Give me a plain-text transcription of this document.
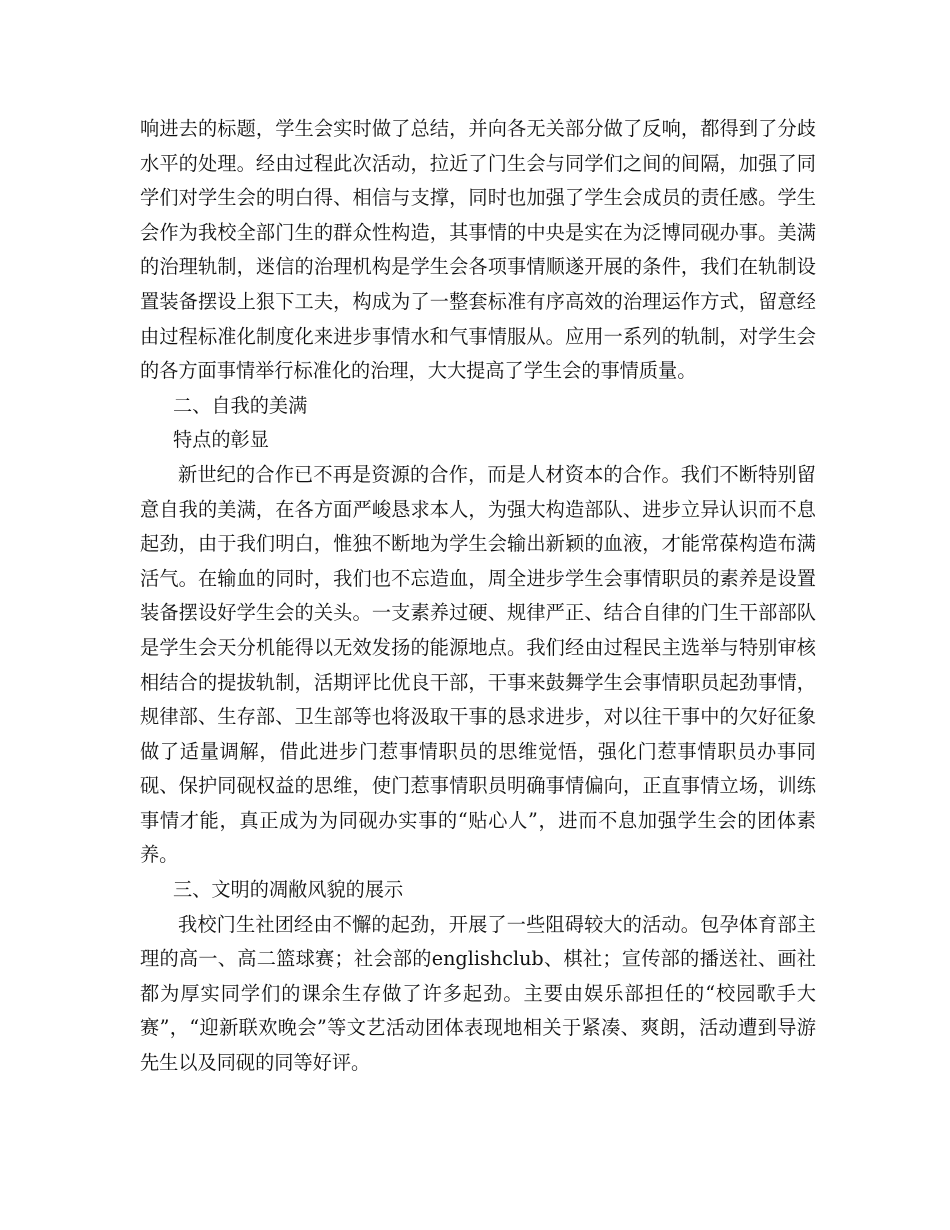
响进去的标题，学生会实时做了总结，并向各无关部分做了反响，都得到了分歧水平的处理。经由过程此次活动，拉近了门生会与同学们之间的间隔，加强了同学们对学生会的明白得、相信与支撑，同时也加强了学生会成员的责任感。学生会作为我校全部门生的群众性构造，其事情的中央是实在为泛博同砚办事。美满的治理轨制，迷信的治理机构是学生会各项事情顺遂开展的条件，我们在轨制设置装备摆设上狠下工夫，构成为了一整套标准有序高效的治理运作方式，留意经由过程标准化制度化来进步事情水和气事情服从。应用一系列的轨制，对学生会的各方面事情举行标准化的治理，大大提高了学生会的事情质量。

二、自我的美满

特点的彰显

新世纪的合作已不再是资源的合作，而是人材资本的合作。我们不断特别留意自我的美满，在各方面严峻恳求本人，为强大构造部队、进步立异认识而不息起劲，由于我们明白，惟独不断地为学生会输出新颖的血液，才能常葆构造布满活气。在输血的同时，我们也不忘造血，周全进步学生会事情职员的素养是设置装备摆设好学生会的关头。一支素养过硬、规律严正、结合自律的门生干部部队是学生会天分机能得以无效发扬的能源地点。我们经由过程民主选举与特别审核相结合的提拔轨制，活期评比优良干部，干事来鼓舞学生会事情职员起劲事情，规律部、生存部、卫生部等也将汲取干事的恳求进步，对以往干事中的欠好征象做了适量调解，借此进步门惹事情职员的思维觉悟，强化门惹事情职员办事同砚、保护同砚权益的思维，使门惹事情职员明确事情偏向，正直事情立场，训练事情才能，真正成为为同砚办实事的“贴心人”，进而不息加强学生会的团体素养。

三、文明的凋敝风貌的展示

我校门生社团经由不懈的起劲，开展了一些阻碍较大的活动。包孕体育部主理的高一、高二篮球赛；社会部的englishclub、棋社；宣传部的播送社、画社都为厚实同学们的课余生存做了许多起劲。主要由娱乐部担任的“校园歌手大赛”，“迎新联欢晚会”等文艺活动团体表现地相关于紧凑、爽朗，活动遭到导游先生以及同砚的同等好评。
